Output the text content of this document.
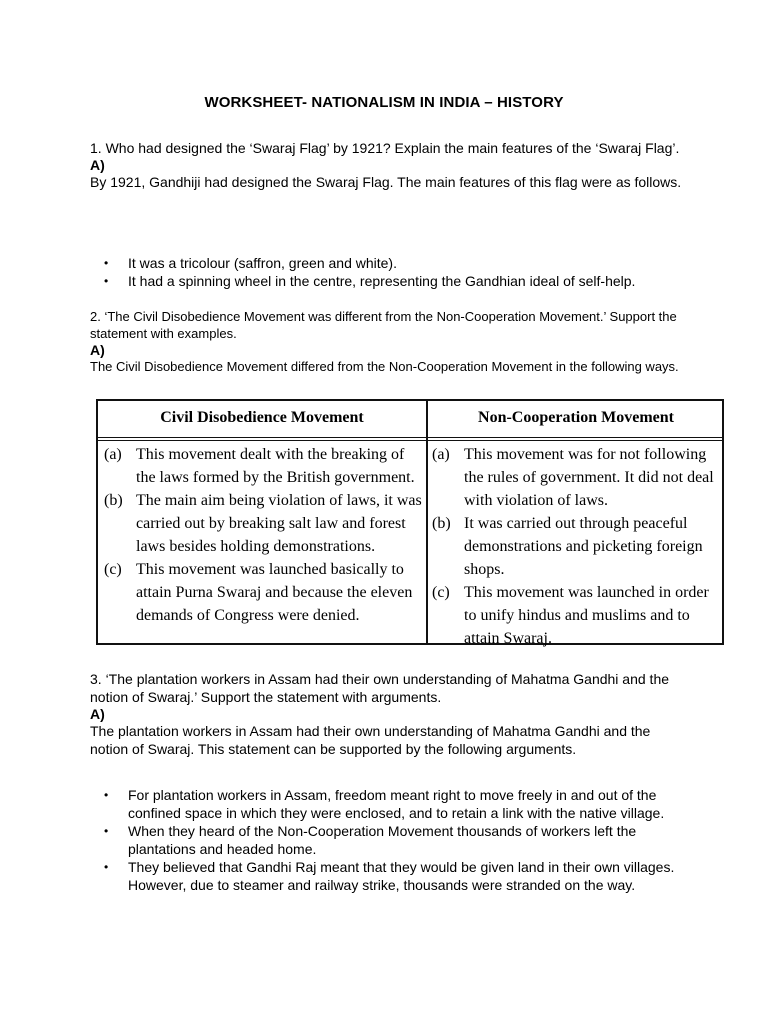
WORKSHEET- NATIONALISM IN INDIA – HISTORY
1. Who had designed the ‘Swaraj Flag’ by 1921? Explain the main features of the ‘Swaraj Flag’.
A)
By 1921, Gandhiji had designed the Swaraj Flag. The main features of this flag were as follows.
• It was a tricolour (saffron, green and white).
• It had a spinning wheel in the centre, representing the Gandhian ideal of self-help.
2. ‘The Civil Disobedience Movement was different from the Non-Cooperation Movement.’ Support the statement with examples.
A)
The Civil Disobedience Movement differed from the Non-Cooperation Movement in the following ways.
Civil Disobedience Movement	Non-Cooperation Movement
(a) This movement dealt with the breaking of the laws formed by the British government.
(b) The main aim being violation of laws, it was carried out by breaking salt law and forest laws besides holding demonstrations.
(c) This movement was launched basically to attain Purna Swaraj and because the eleven demands of Congress were denied.
(a) This movement was for not following the rules of government. It did not deal with violation of laws.
(b) It was carried out through peaceful demonstrations and picketing foreign shops.
(c) This movement was launched in order to unify hindus and muslims and to attain Swaraj.
3. ‘The plantation workers in Assam had their own understanding of Mahatma Gandhi and the notion of Swaraj.’ Support the statement with arguments.
A)
The plantation workers in Assam had their own understanding of Mahatma Gandhi and the notion of Swaraj. This statement can be supported by the following arguments.
• For plantation workers in Assam, freedom meant right to move freely in and out of the confined space in which they were enclosed, and to retain a link with the native village.
• When they heard of the Non-Cooperation Movement thousands of workers left the plantations and headed home.
• They believed that Gandhi Raj meant that they would be given land in their own villages.
However, due to steamer and railway strike, thousands were stranded on the way.
